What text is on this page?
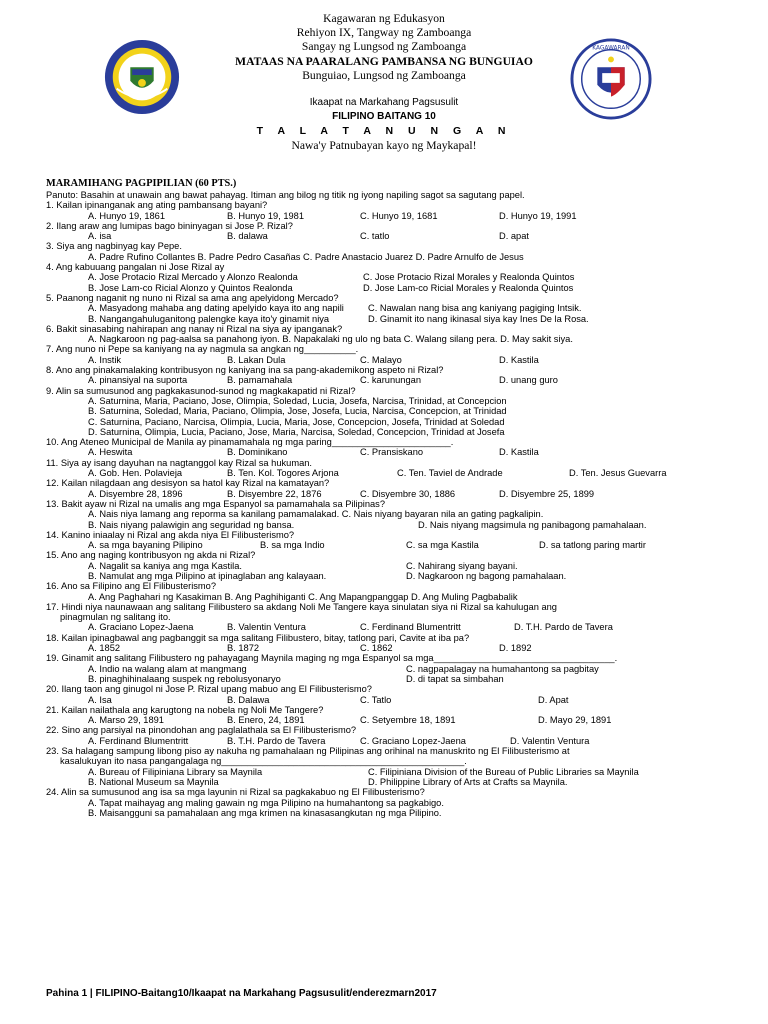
KAGAWARAN
Kagawaran ng Edukasyon
Rehiyon IX, Tangway ng Zamboanga
Sangay ng Lungsod ng Zamboanga
MATAAS NA PAARALANG PAMBANSA NG BUNGUIAO
Bunguiao, Lungsod ng Zamboanga
Ikaapat na Markahang Pagsusulit
FILIPINO BAITANG 10
T A L A T A N U N G A N
Nawa'y Patnubayan kayo ng Maykapal!
MARAMIHANG PAGPIPILIAN (60 PTS.)
Panuto: Basahin at unawain ang bawat pahayag. Itiman ang bilog ng titik ng iyong napiling sagot sa sagutang papel.
1. Kailan ipinanganak ang ating pambansang bayani?
A. Hunyo 19, 1861	B. Hunyo 19, 1981	C. Hunyo 19, 1681	D. Hunyo 19, 1991
2. Ilang araw ang lumipas bago bininyagan si Jose P. Rizal?
A. isa	B. dalawa	C. tatlo	D. apat
3. Siya ang nagbinyag kay Pepe.
A. Padre Rufino Collantes B. Padre Pedro Casañas C. Padre Anastacio Juarez D. Padre Arnulfo de Jesus
4. Ang kabuuang pangalan ni Jose Rizal ay
A. Jose Protacio Rizal Mercado y Alonzo Realonda	C. Jose Protacio Rizal Morales y Realonda Quintos
B. Jose Lam-co Ricial Alonzo y Quintos Realonda	D. Jose Lam-co Ricial Morales y Realonda Quintos
5. Paanong naganit ng nuno ni Rizal sa ama ang apelyidong Mercado?
A. Masyadong mahaba ang dating apelyido kaya ito ang napili	C. Nawalan nang bisa ang kaniyang pagiging Intsik.
B. Nangangahuluganitong palengke kaya ito'y ginamit niya	D. Ginamit ito nang ikinasal siya kay Ines De la Rosa.
6. Bakit sinasabing nahirapan ang nanay ni Rizal na siya ay ipanganak?
A. Nagkaroon ng pag-aalsa sa panahong iyon. B. Napakalaki ng ulo ng bata C. Walang silang pera. D. May sakit siya.
7. Ang nuno ni Pepe sa kaniyang na ay nagmula sa angkan ng__________.
A. Instik	B. Lakan Dula	C. Malayo	D. Kastila
8. Ano ang pinakamalaking kontribusyon ng kaniyang ina sa pang-akademikong aspeto ni Rizal?
A. pinansiyal na suporta	B. pamamahala	C. karunungan	D. unang guro
9. Alin sa sumusunod ang pagkakasunod-sunod ng magkakapatid ni Rizal?
A. Saturnina, Maria, Paciano, Jose, Olimpia, Soledad, Lucia, Josefa, Narcisa, Trinidad, at Concepcion
B. Saturnina, Soledad, Maria, Paciano, Olimpia, Jose, Josefa, Lucia, Narcisa, Concepcion, at Trinidad
C. Saturnina, Paciano, Narcisa, Olimpia, Lucia, Maria, Jose, Concepcion, Josefa, Trinidad at Soledad
D. Saturnina, Olimpia, Lucia, Paciano, Jose, Maria, Narcisa, Soledad, Concepcion, Trinidad at Josefa
10. Ang Ateneo Municipal de Manila ay pinamamahala ng mga paring_______________________.
A. Heswita	B. Dominikano	C. Pransiskano	D. Kastila
11. Siya ay isang dayuhan na nagtanggol kay Rizal sa hukuman.
A. Gob. Hen. Polavieja	B. Ten. Kol. Togores Arjona	C. Ten. Taviel de Andrade	D. Ten. Jesus Guevarra
12. Kailan nilagdaan ang desisyon sa hatol kay Rizal na kamatayan?
A. Disyembre 28, 1896	B. Disyembre 22, 1876	C. Disyembre 30, 1886	D. Disyembre 25, 1899
13. Bakit ayaw ni Rizal na umalis ang mga Espanyol sa pamamahala sa Pilipinas?
A. Nais niya lamang ang reporma sa kanilang pamamalakad. C. Nais niyang bayaran nila an gating pagkalipin.
B. Nais niyang palawigin ang seguridad ng bansa.	D. Nais niyang magsimula ng panibagong pamahalaan.
14. Kanino iniaalay ni Rizal ang akda niya El Filibusterismo?
A. sa mga bayaning Pilipino	B. sa mga Indio	C. sa mga Kastila	D. sa tatlong paring martir
15. Ano ang naging kontribusyon ng akda ni Rizal?
A. Nagalit sa kaniya ang mga Kastila.	C. Nahirang siyang bayani.
B. Namulat ang mga Pilipino at ipinaglaban ang kalayaan.	D. Nagkaroon ng bagong pamahalaan.
16. Ano sa Filipino ang El Filibusterismo?
A. Ang Paghahari ng Kasakiman B. Ang Paghihiganti C. Ang Mapangpanggap D. Ang Muling Pagbabalik
17. Hindi niya naunawaan ang salitang Filibustero sa akdang Noli Me Tangere kaya sinulatan siya ni Rizal sa kahulugan ang
pinagmulan ng salitang ito.
A. Graciano Lopez-Jaena	B. Valentin Ventura	C. Ferdinand Blumentritt	D. T.H. Pardo de Tavera
18. Kailan ipinagbawal ang pagbanggit sa mga salitang Filibustero, bitay, tatlong pari, Cavite at iba pa?
A. 1852	B. 1872	C. 1862	D. 1892
19. Ginamit ang salitang Filibustero ng pahayagang Maynila maging ng mga Espanyol sa mga___________________________________.
A. Indio na walang alam at mangmang	C. nagpapalagay na humahantong sa pagbitay
B. pinaghihinalaang suspek ng rebolusyonaryo	D. di tapat sa simbahan
20. Ilang taon ang ginugol ni Jose P. Rizal upang mabuo ang El Filibusterismo?
A. Isa	B. Dalawa	C. Tatlo	D. Apat
21. Kailan nailathala ang karugtong na nobela ng Noli Me Tangere?
A. Marso 29, 1891	B. Enero, 24, 1891	C. Setyembre 18, 1891	D. Mayo 29, 1891
22. Sino ang parsiyal na pinondohan ang paglalathala sa El Filibusterismo?
A. Ferdinand Blumentritt	B. T.H. Pardo de Tavera	C. Graciano Lopez-Jaena	D. Valentin Ventura
23. Sa halagang sampung libong piso ay nakuha ng pamahalaan ng Pilipinas ang orihinal na manuskrito ng El Filibusterismo at
kasalukuyan ito nasa pangangalaga ng_______________________________________________.
A. Bureau of Filipiniana Library sa Maynila	C. Filipiniana Division of the Bureau of Public Libraries sa Maynila
B. National Museum sa Maynila	D. Philippine Library of Arts at Crafts sa Maynila.
24. Alin sa sumusunod ang isa sa mga layunin ni Rizal sa pagkakabuo ng El Filibusterismo?
A. Tapat maihayag ang maling gawain ng mga Pilipino na humahantong sa pagkabigo.
B. Maisangguni sa pamahalaan ang mga krimen na kinasasangkutan ng mga Pilipino.
Pahina 1 | FILIPINO-Baitang10/Ikaapat na Markahang Pagsusulit/enderezmarn2017
